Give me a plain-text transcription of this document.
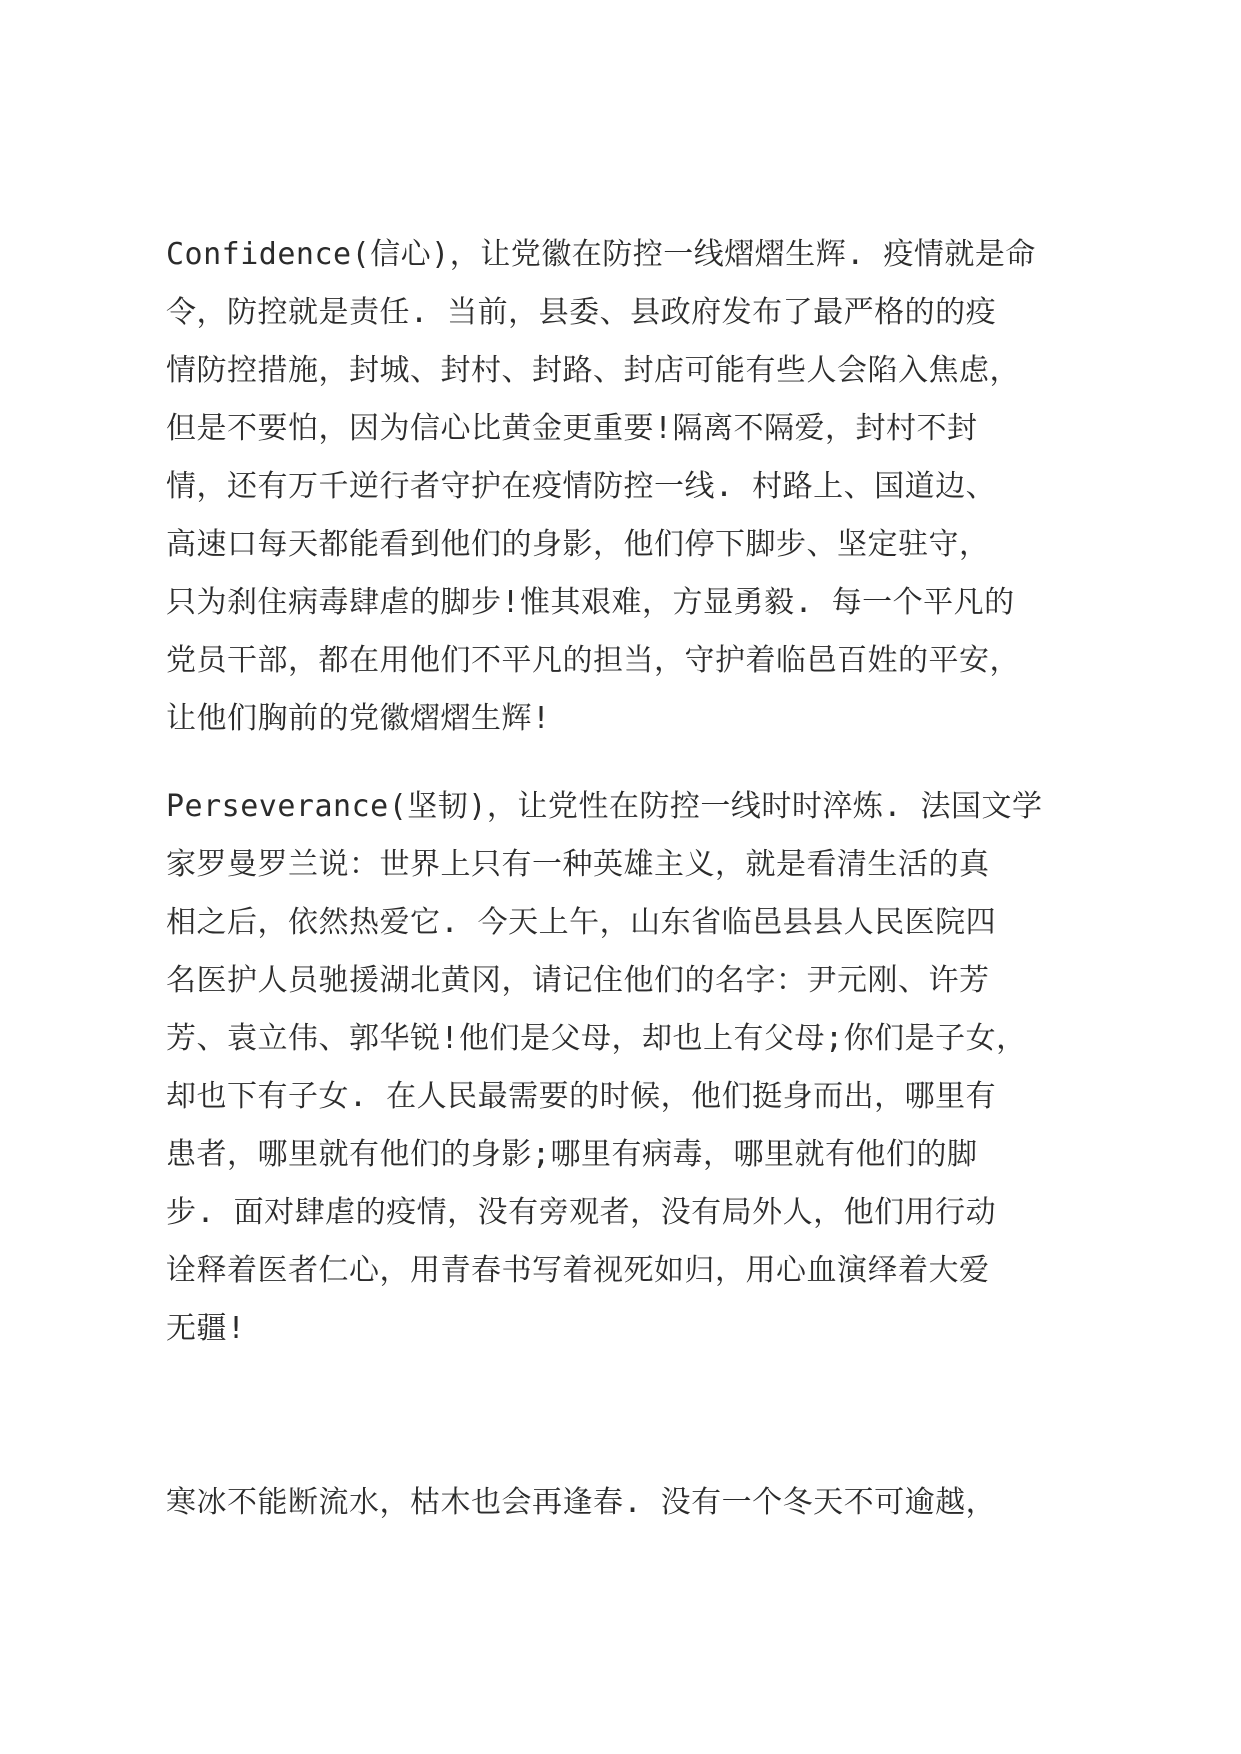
Confidence(信心)，让党徽在防控一线熠熠生辉. 疫情就是命
令，防控就是责任. 当前，县委、县政府发布了最严格的的疫
情防控措施，封城、封村、封路、封店可能有些人会陷入焦虑，
但是不要怕，因为信心比黄金更重要!隔离不隔爱，封村不封
情，还有万千逆行者守护在疫情防控一线. 村路上、国道边、
高速口每天都能看到他们的身影，他们停下脚步、坚定驻守，
只为刹住病毒肆虐的脚步!惟其艰难，方显勇毅. 每一个平凡的
党员干部，都在用他们不平凡的担当，守护着临邑百姓的平安，
让他们胸前的党徽熠熠生辉!
Perseverance(坚韧)，让党性在防控一线时时淬炼. 法国文学
家罗曼罗兰说：世界上只有一种英雄主义，就是看清生活的真
相之后，依然热爱它. 今天上午，山东省临邑县县人民医院四
名医护人员驰援湖北黄冈，请记住他们的名字：尹元刚、许芳
芳、袁立伟、郭华锐!他们是父母，却也上有父母;你们是子女，
却也下有子女. 在人民最需要的时候，他们挺身而出，哪里有
患者，哪里就有他们的身影;哪里有病毒，哪里就有他们的脚
步. 面对肆虐的疫情，没有旁观者，没有局外人，他们用行动
诠释着医者仁心，用青春书写着视死如归，用心血演绎着大爱
无疆!
寒冰不能断流水，枯木也会再逢春. 没有一个冬天不可逾越，
